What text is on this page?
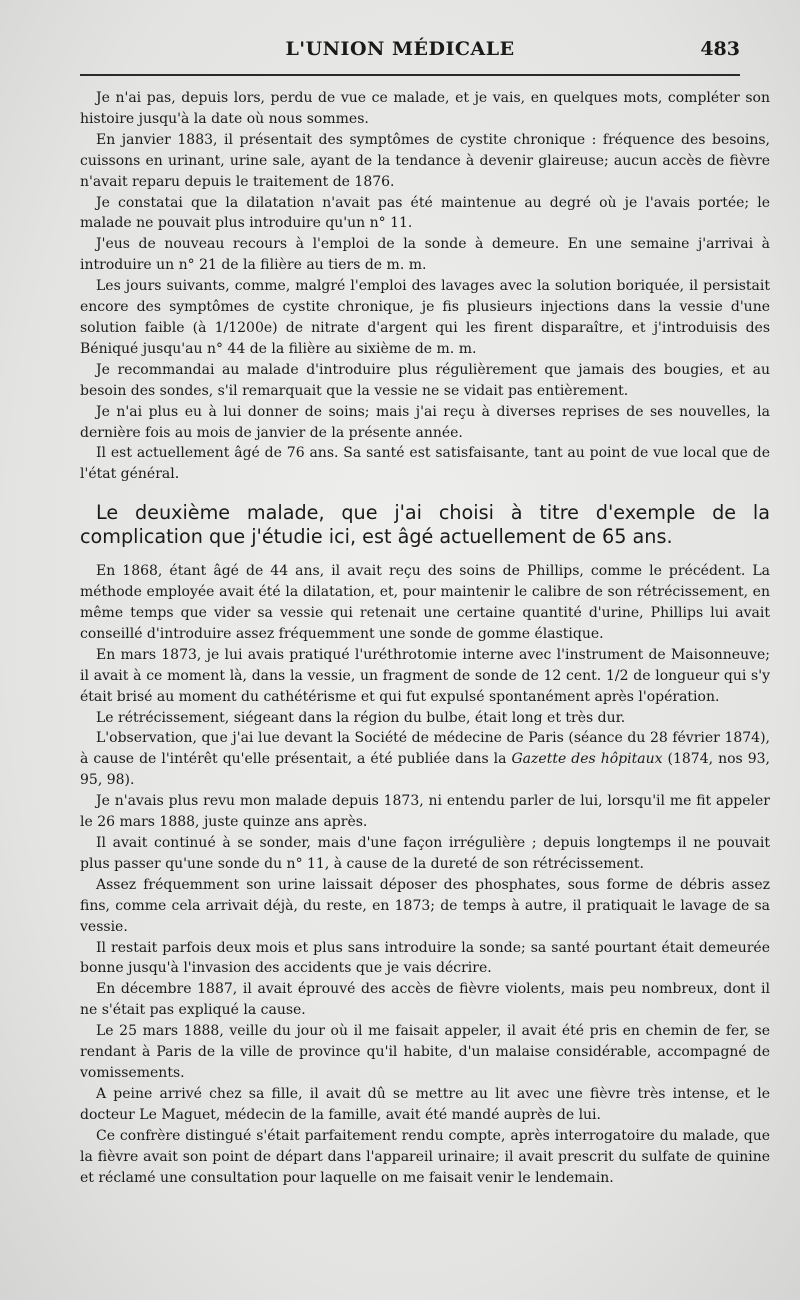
L'UNION MÉDICALE	483

Je n'ai pas, depuis lors, perdu de vue ce malade, et je vais, en quelques mots, compléter son histoire jusqu'à la date où nous sommes.

En janvier 1883, il présentait des symptômes de cystite chronique : fréquence des besoins, cuissons en urinant, urine sale, ayant de la tendance à devenir glaireuse; aucun accès de fièvre n'avait reparu depuis le traitement de 1876.

Je constatai que la dilatation n'avait pas été maintenue au degré où je l'avais portée; le malade ne pouvait plus introduire qu'un n° 11.

J'eus de nouveau recours à l'emploi de la sonde à demeure. En une semaine j'arrivai à introduire un n° 21 de la filière au tiers de m. m.

Les jours suivants, comme, malgré l'emploi des lavages avec la solution boriquée, il persistait encore des symptômes de cystite chronique, je fis plusieurs injections dans la vessie d'une solution faible (à 1/1200e) de nitrate d'argent qui les firent disparaître, et j'introduisis des Béniqué jusqu'au n° 44 de la filière au sixième de m. m.

Je recommandai au malade d'introduire plus régulièrement que jamais des bougies, et au besoin des sondes, s'il remarquait que la vessie ne se vidait pas entièrement.

Je n'ai plus eu à lui donner de soins; mais j'ai reçu à diverses reprises de ses nouvelles, la dernière fois au mois de janvier de la présente année.

Il est actuellement âgé de 76 ans. Sa santé est satisfaisante, tant au point de vue local que de l'état général.

Le deuxième malade, que j'ai choisi à titre d'exemple de la complication que j'étudie ici, est âgé actuellement de 65 ans.

En 1868, étant âgé de 44 ans, il avait reçu des soins de Phillips, comme le précédent. La méthode employée avait été la dilatation, et, pour maintenir le calibre de son rétrécissement, en même temps que vider sa vessie qui retenait une certaine quantité d'urine, Phillips lui avait conseillé d'introduire assez fréquemment une sonde de gomme élastique.

En mars 1873, je lui avais pratiqué l'uréthrotomie interne avec l'instrument de Maisonneuve; il avait à ce moment là, dans la vessie, un fragment de sonde de 12 cent. 1/2 de longueur qui s'y était brisé au moment du cathétérisme et qui fut expulsé spontanément après l'opération.

Le rétrécissement, siégeant dans la région du bulbe, était long et très dur.

L'observation, que j'ai lue devant la Société de médecine de Paris (séance du 28 février 1874), à cause de l'intérêt qu'elle présentait, a été publiée dans la Gazette des hôpitaux (1874, nos 93, 95, 98).

Je n'avais plus revu mon malade depuis 1873, ni entendu parler de lui, lorsqu'il me fit appeler le 26 mars 1888, juste quinze ans après.

Il avait continué à se sonder, mais d'une façon irrégulière ; depuis longtemps il ne pouvait plus passer qu'une sonde du n° 11, à cause de la dureté de son rétrécissement.

Assez fréquemment son urine laissait déposer des phosphates, sous forme de débris assez fins, comme cela arrivait déjà, du reste, en 1873; de temps à autre, il pratiquait le lavage de sa vessie.

Il restait parfois deux mois et plus sans introduire la sonde; sa santé pourtant était demeurée bonne jusqu'à l'invasion des accidents que je vais décrire.

En décembre 1887, il avait éprouvé des accès de fièvre violents, mais peu nombreux, dont il ne s'était pas expliqué la cause.

Le 25 mars 1888, veille du jour où il me faisait appeler, il avait été pris en chemin de fer, se rendant à Paris de la ville de province qu'il habite, d'un malaise considérable, accompagné de vomissements.

A peine arrivé chez sa fille, il avait dû se mettre au lit avec une fièvre très intense, et le docteur Le Maguet, médecin de la famille, avait été mandé auprès de lui.

Ce confrère distingué s'était parfaitement rendu compte, après interrogatoire du malade, que la fièvre avait son point de départ dans l'appareil urinaire; il avait prescrit du sulfate de quinine et réclamé une consultation pour laquelle on me faisait venir le lendemain.
